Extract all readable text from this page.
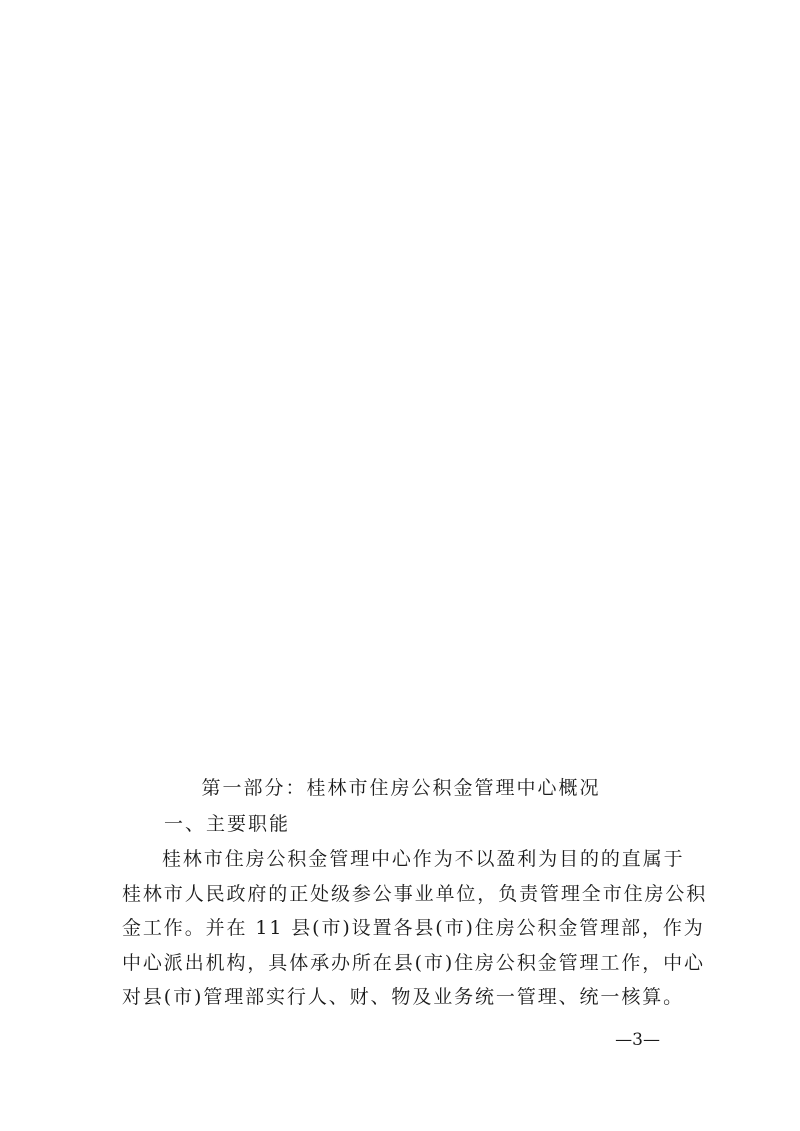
第一部分：桂林市住房公积金管理中心概况

一、主要职能

桂林市住房公积金管理中心作为不以盈利为目的的直属于
桂林市人民政府的正处级参公事业单位，负责管理全市住房公积
金工作。并在 11 县(市)设置各县(市)住房公积金管理部，作为
中心派出机构，具体承办所在县(市)住房公积金管理工作，中心
对县(市)管理部实行人、财、物及业务统一管理、统一核算。

—3—
